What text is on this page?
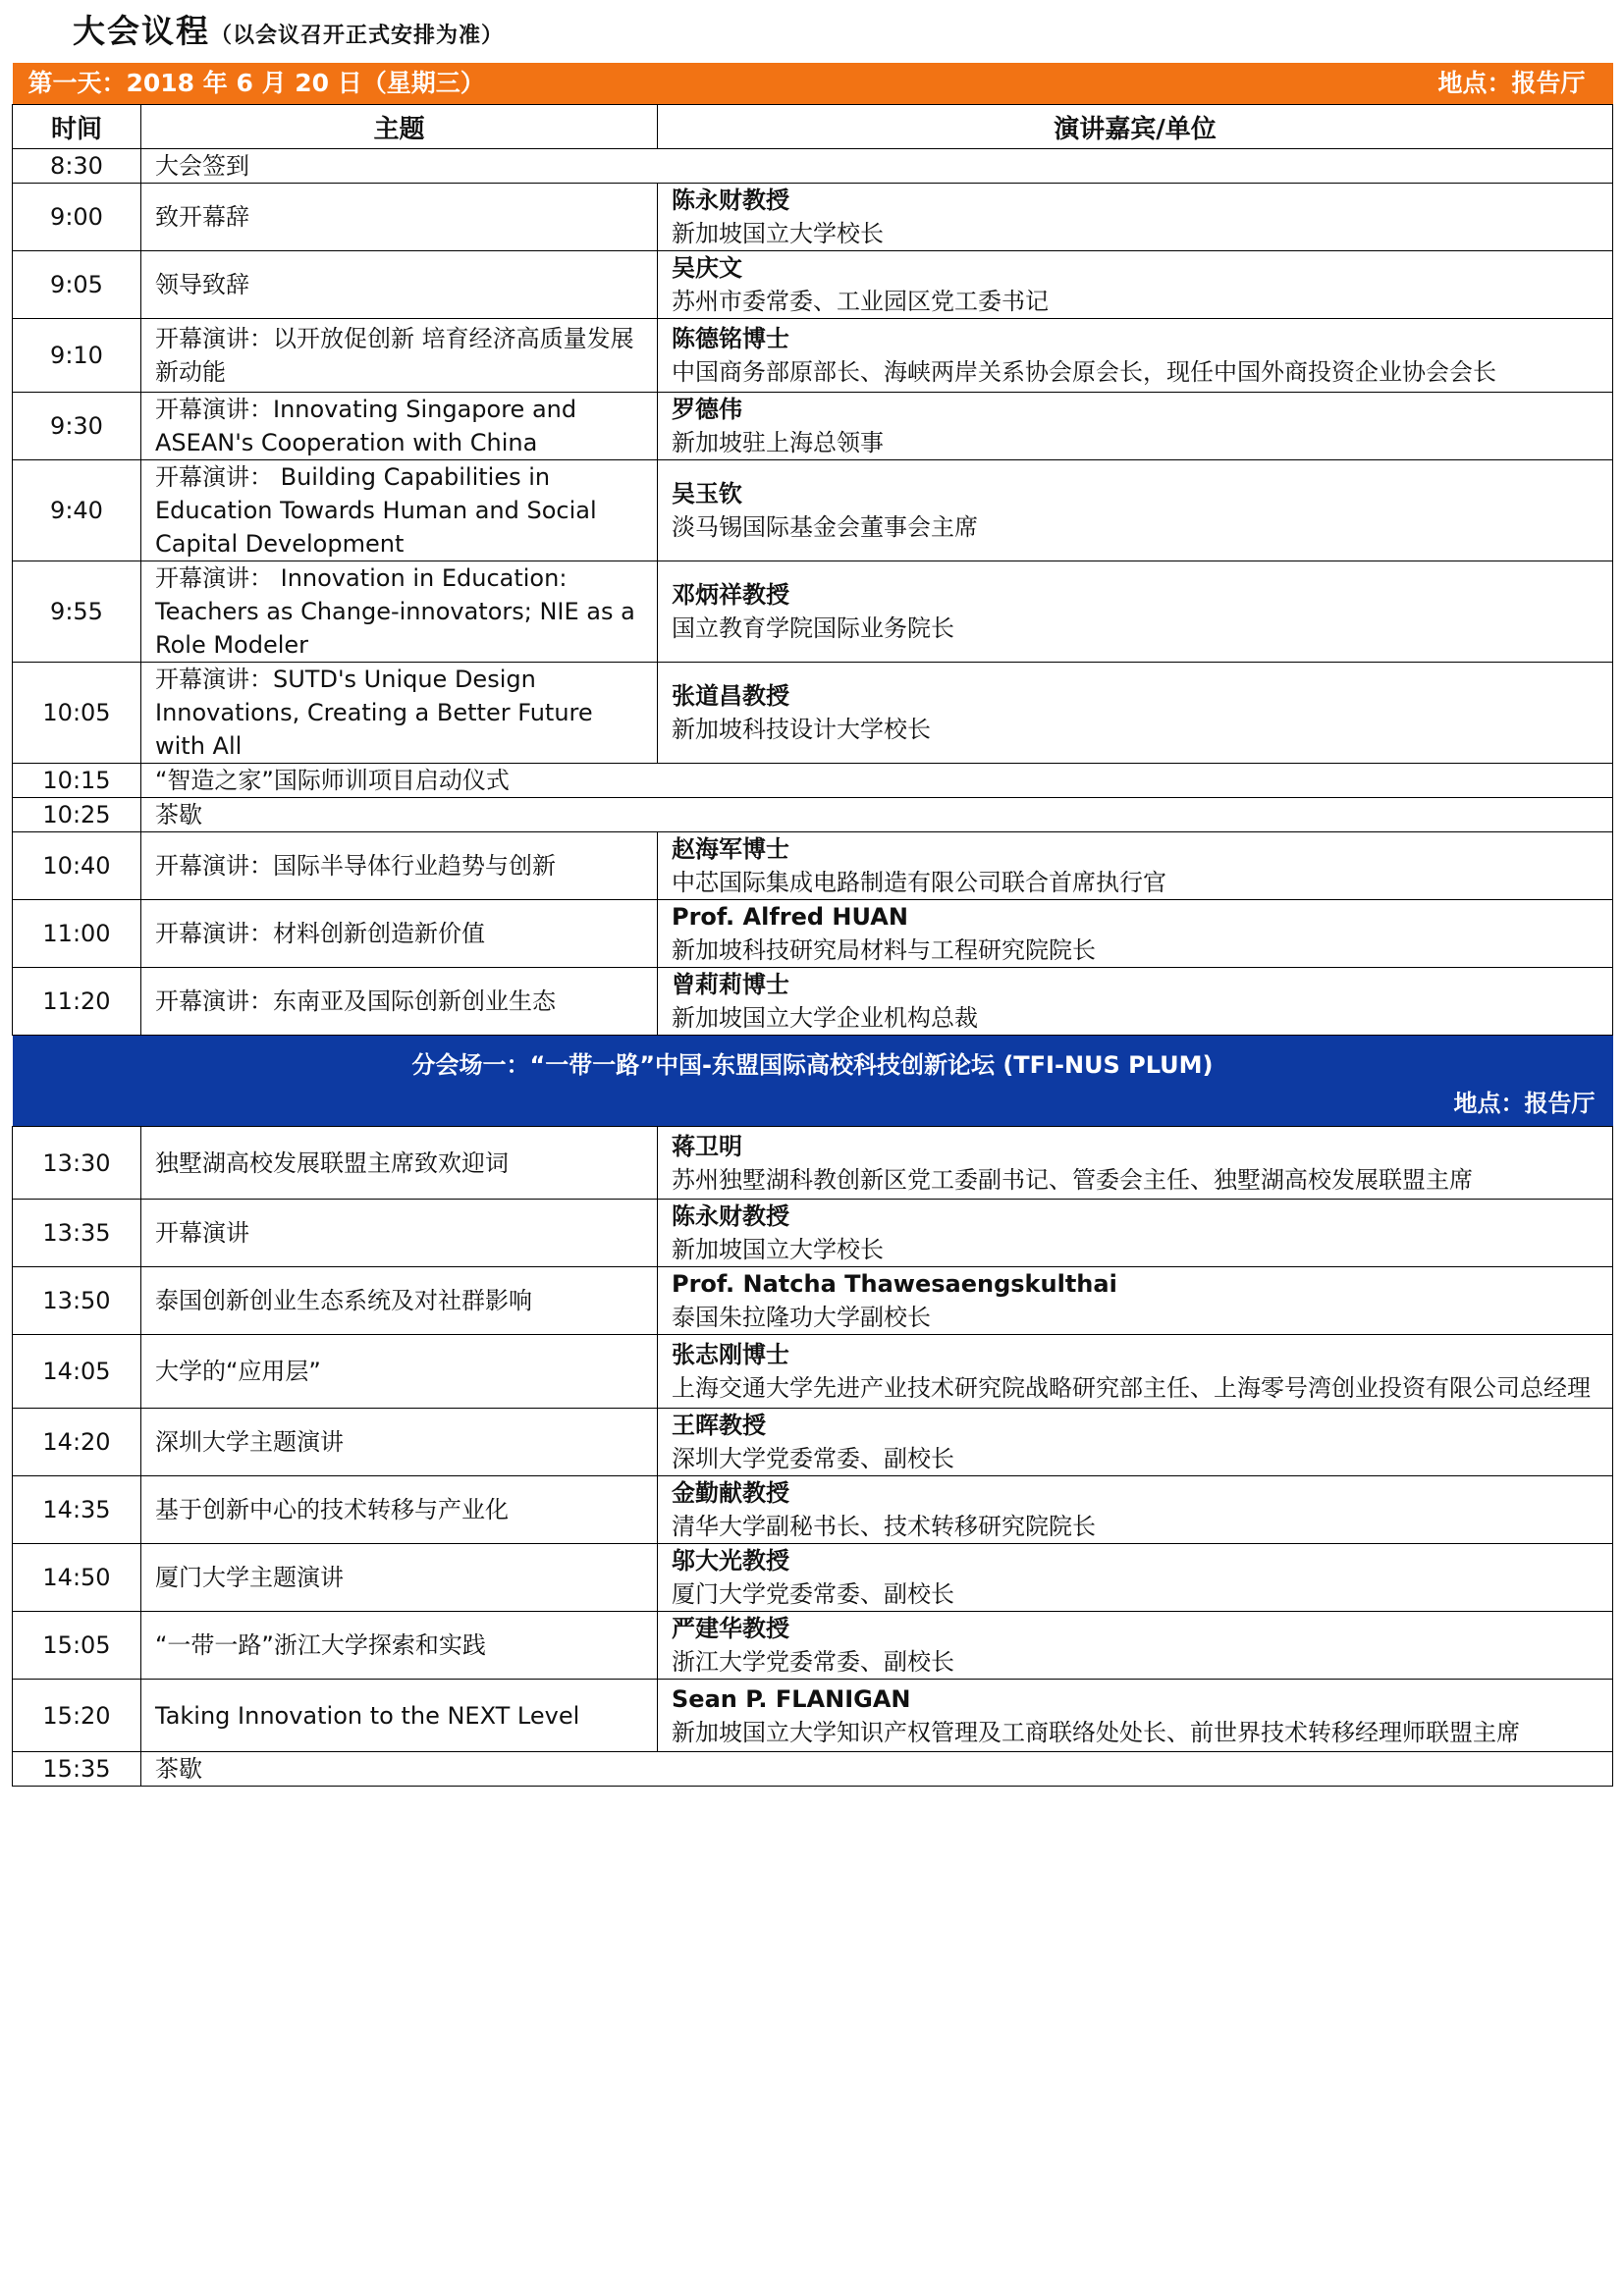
大会议程（以会议召开正式安排为准）
第一天：2018 年 6 月 20 日（星期三） 地点：报告厅		

时间	主题	演讲嘉宾/单位
8:30	大会签到	
9:00	致开幕辞	陈永财教授
新加坡国立大学校长

9:05	领导致辞	吴庆文
苏州市委常委、工业园区党工委书记

9:10	开幕演讲：以开放促创新 培育经济高质量发展新动能	陈德铭博士
中国商务部原部长、海峡两岸关系协会原会长，现任中国外商投资企业协会会长

9:30	开幕演讲：Innovating Singapore and ASEAN's Cooperation with China	罗德伟
新加坡驻上海总领事

9:40	开幕演讲： Building Capabilities in Education Towards Human and Social Capital Development	吴玉钦
淡马锡国际基金会董事会主席

9:55	开幕演讲： Innovation in Education: Teachers as Change-innovators; NIE as a Role Modeler	邓炳祥教授
国立教育学院国际业务院长

10:05	开幕演讲：SUTD's Unique Design Innovations, Creating a Better Future with All	张道昌教授
新加坡科技设计大学校长

10:15	“智造之家”国际师训项目启动仪式	
10:25	茶歇	
10:40	开幕演讲：国际半导体行业趋势与创新	赵海军博士
中芯国际集成电路制造有限公司联合首席执行官

11:00	开幕演讲：材料创新创造新价值	Prof. Alfred HUAN
新加坡科技研究局材料与工程研究院院长

11:20	开幕演讲：东南亚及国际创新创业生态	曾莉莉博士
新加坡国立大学企业机构总裁

分会场一：“一带一路”中国-东盟国际高校科技创新论坛 (TFI-NUS PLUM)
地点：报告厅		

13:30	独墅湖高校发展联盟主席致欢迎词	蒋卫明
苏州独墅湖科教创新区党工委副书记、管委会主任、独墅湖高校发展联盟主席

13:35	开幕演讲	陈永财教授
新加坡国立大学校长

13:50	泰国创新创业生态系统及对社群影响	Prof. Natcha Thawesaengskulthai
泰国朱拉隆功大学副校长

14:05	大学的“应用层”	张志刚博士
上海交通大学先进产业技术研究院战略研究部主任、上海零号湾创业投资有限公司总经理

14:20	深圳大学主题演讲	王晖教授
深圳大学党委常委、副校长

14:35	基于创新中心的技术转移与产业化	金勤献教授
清华大学副秘书长、技术转移研究院院长

14:50	厦门大学主题演讲	邬大光教授
厦门大学党委常委、副校长

15:05	“一带一路”浙江大学探索和实践	严建华教授
浙江大学党委常委、副校长

15:20	Taking Innovation to the NEXT Level	Sean P. FLANIGAN
新加坡国立大学知识产权管理及工商联络处处长、前世界技术转移经理师联盟主席

15:35	茶歇	
